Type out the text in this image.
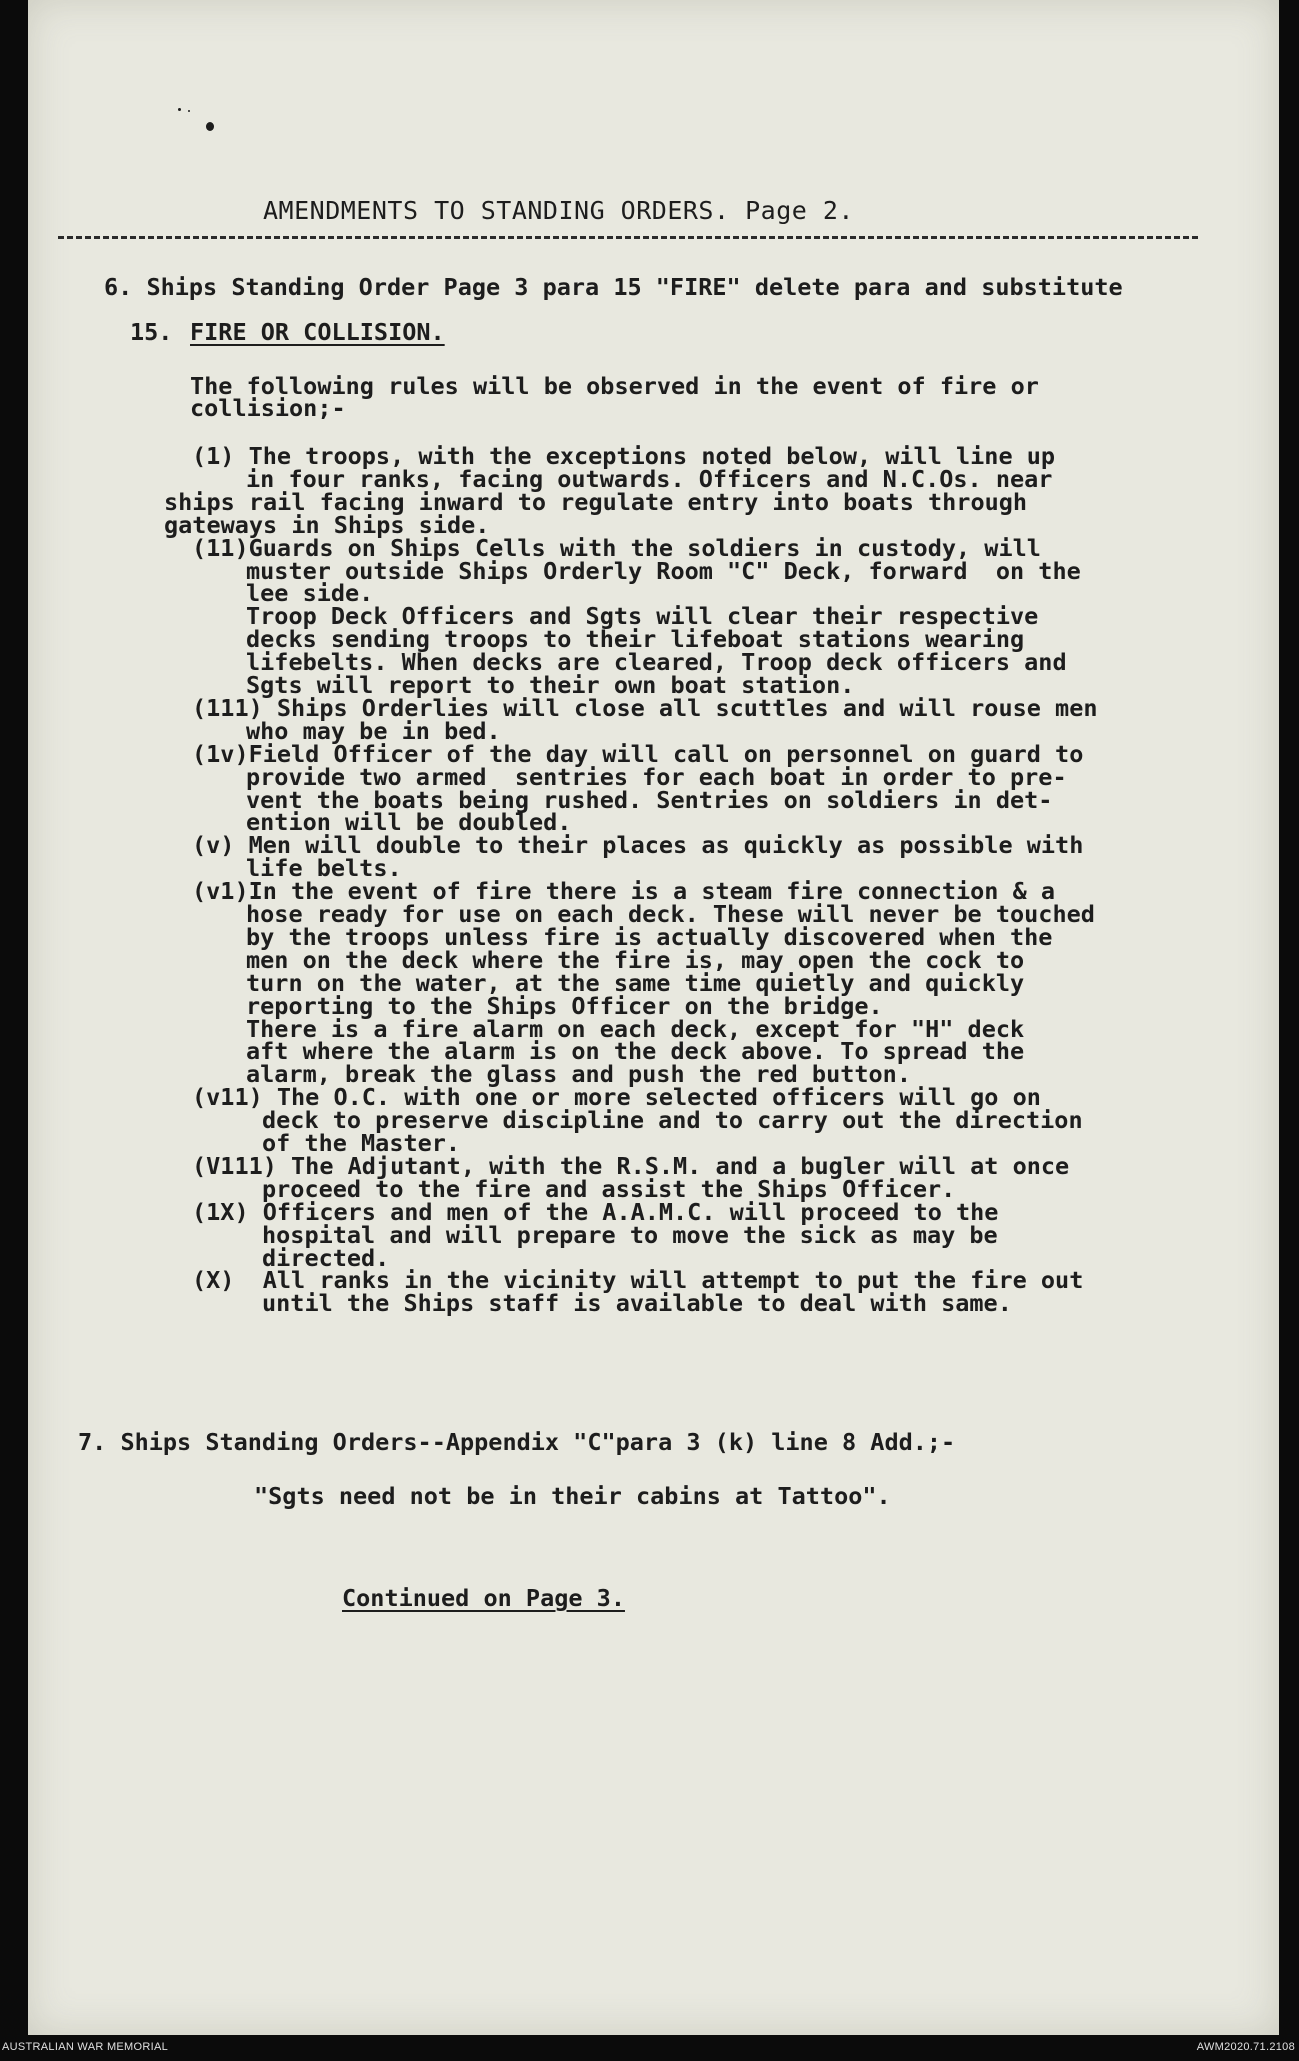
AMENDMENTS TO STANDING ORDERS. Page 2.
6. Ships Standing Order Page 3 para 15 "FIRE" delete para and substitute
15. FIRE OR COLLISION.
The following rules will be observed in the event of fire or
collision;-
7. Ships Standing Orders--Appendix "C"para 3 (k) line 8 Add.;-
"Sgts need not be in their cabins at Tattoo".
Continued on Page 3.
(1) The troops, with the exceptions noted below, will line up
in four ranks, facing outwards. Officers and N.C.Os. near
ships rail facing inward to regulate entry into boats through
gateways in Ships side.
(11)Guards on Ships Cells with the soldiers in custody, will
muster outside Ships Orderly Room "C" Deck, forward  on the
lee side.
Troop Deck Officers and Sgts will clear their respective
decks sending troops to their lifeboat stations wearing
lifebelts. When decks are cleared, Troop deck officers and
Sgts will report to their own boat station.
(111) Ships Orderlies will close all scuttles and will rouse men
who may be in bed.
(1v)Field Officer of the day will call on personnel on guard to
provide two armed  sentries for each boat in order to pre-
vent the boats being rushed. Sentries on soldiers in det-
ention will be doubled.
(v) Men will double to their places as quickly as possible with
life belts.
(v1)In the event of fire there is a steam fire connection & a
hose ready for use on each deck. These will never be touched
by the troops unless fire is actually discovered when the
men on the deck where the fire is, may open the cock to
turn on the water, at the same time quietly and quickly
reporting to the Ships Officer on the bridge.
There is a fire alarm on each deck, except for "H" deck
aft where the alarm is on the deck above. To spread the
alarm, break the glass and push the red button.
(v11) The O.C. with one or more selected officers will go on
deck to preserve discipline and to carry out the direction
of the Master.
(V111) The Adjutant, with the R.S.M. and a bugler will at once
proceed to the fire and assist the Ships Officer.
(1X) Officers and men of the A.A.M.C. will proceed to the
hospital and will prepare to move the sick as may be
directed.
(X)  All ranks in the vicinity will attempt to put the fire out
until the Ships staff is available to deal with same.
AUSTRALIAN WAR MEMORIAL	AWM2020.71.2108
